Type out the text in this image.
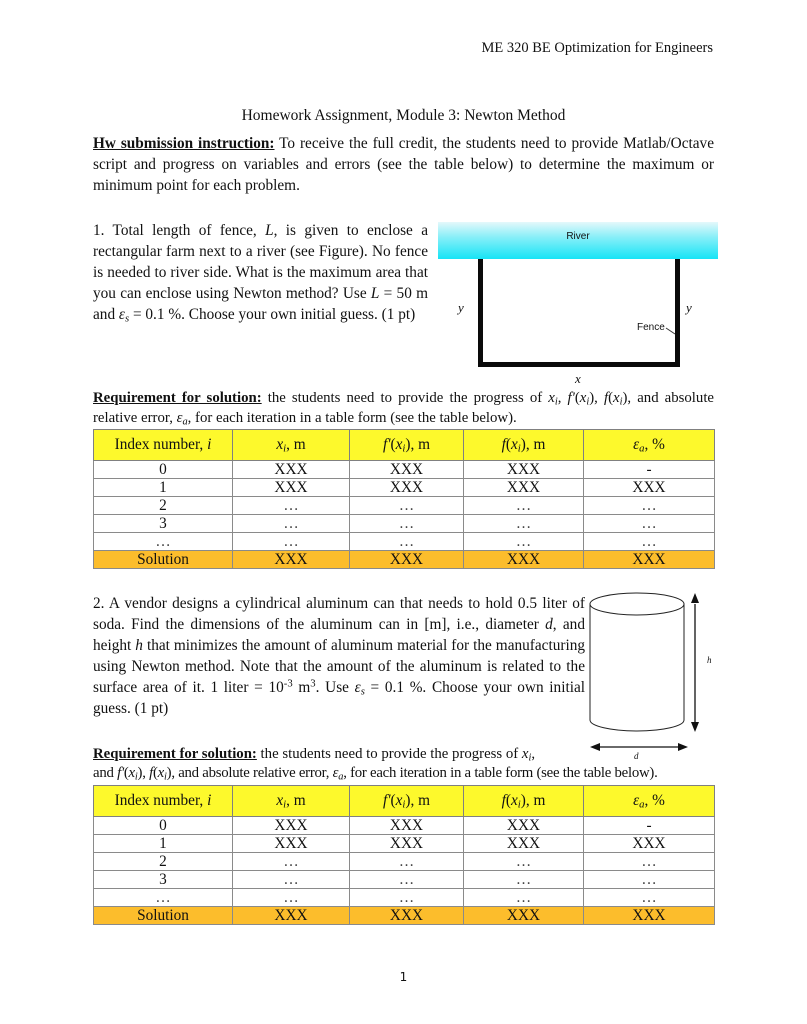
ME 320 BE Optimization for Engineers
Homework Assignment, Module 3: Newton Method
Hw submission instruction: To receive the full credit, the students need to provide Matlab/Octave script and progress on variables and errors (see the table below) to determine the maximum or minimum point for each problem.
1. Total length of fence, L, is given to enclose a rectangular farm next to a river (see Figure). No fence is needed to river side. What is the maximum area that you can enclose using Newton method? Use L = 50 m and $\varepsilon_s = 0.1$ %. Choose your own initial guess. (1 pt)
River
y	y
x
Fence
Requirement for solution: the students need to provide the progress of $x_i$, $f'(x_i)$, $f(x_i)$, and absolute relative error, $\varepsilon_a$, for each iteration in a table form (see the table below).
Index number, i	$x_i$, m	$f'(x_i)$, m	$f(x_i)$, m	$\varepsilon_a$, %
0	XXX	XXX	XXX	-
1	XXX	XXX	XXX	XXX
2	…	…	…	…
3	…	…	…	…
…	…	…	…	…
Solution	XXX	XXX	XXX	XXX
2. A vendor designs a cylindrical aluminum can that needs to hold 0.5 liter of soda. Find the dimensions of the aluminum can in [m], i.e., diameter d, and height h that minimizes the amount of aluminum material for the manufacturing using Newton method. Note that the amount of the aluminum is related to the surface area of it. 1 liter = $10^{-3}$ $m^3$. Use $\varepsilon_s = 0.1$ %. Choose your own initial guess. (1 pt)
h
d
Requirement for solution: the students need to provide the progress of $x_i$,
and $f'(x_i)$, $f(x_i)$, and absolute relative error, $\varepsilon_a$, for each iteration in a table form (see the table below).
Index number, i	$x_i$, m	$f'(x_i)$, m	$f(x_i)$, m	$\varepsilon_a$, %
0	XXX	XXX	XXX	-
1	XXX	XXX	XXX	XXX
2	…	…	…	…
3	…	…	…	…
…	…	…	…	…
Solution	XXX	XXX	XXX	XXX
1
